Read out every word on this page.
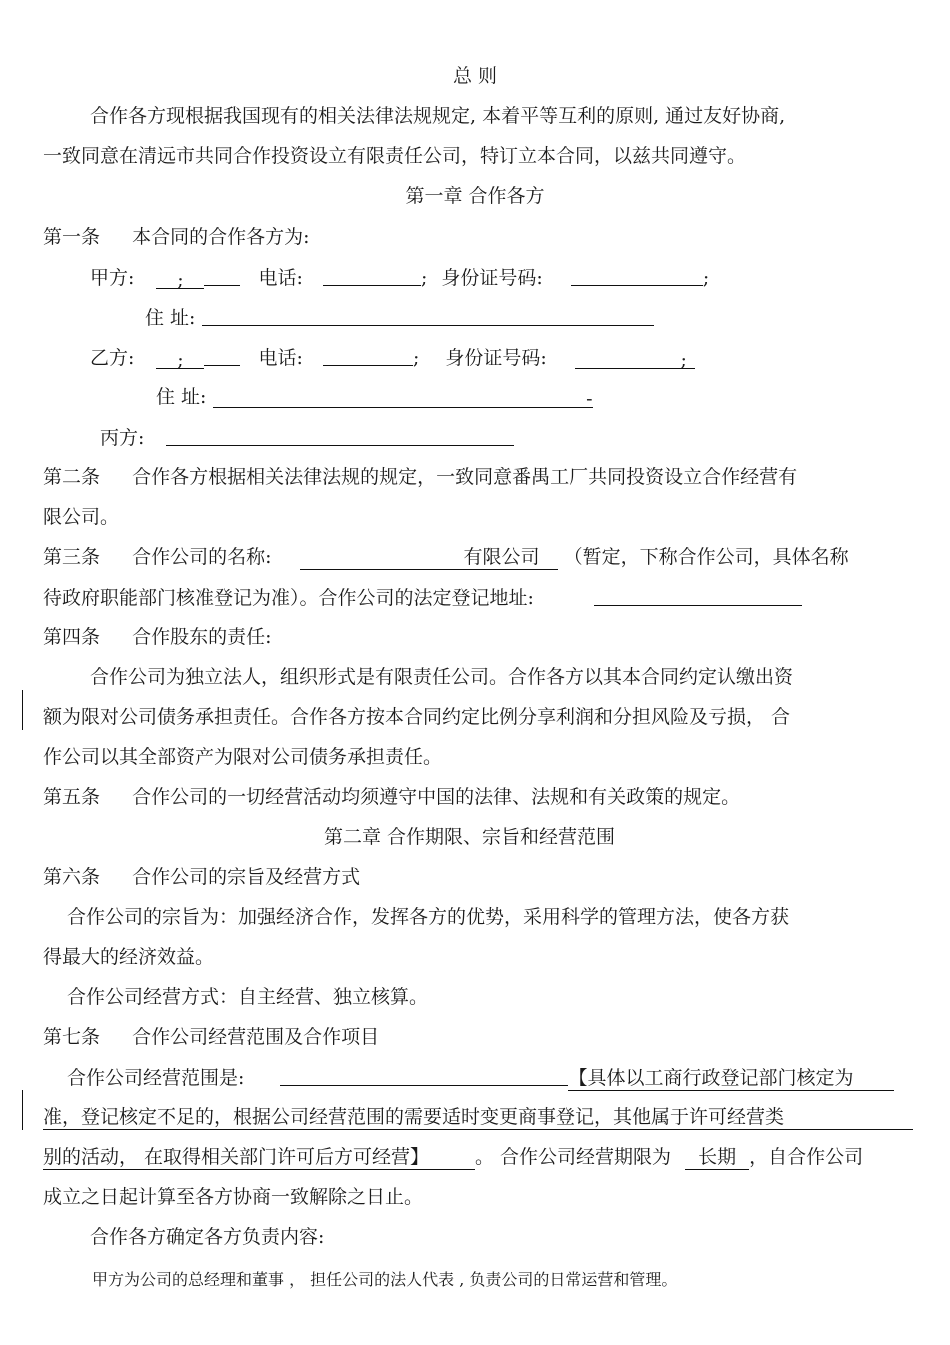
总 则
合作各方现根据我国现有的相关法律法规规定, 本着平等互利的原则, 通过友好协商,
一致同意在清远市共同合作投资设立有限责任公司，特订立本合同，以兹共同遵守。
第一章 合作各方
第一条 本合同的合作各方为:
甲方: ;	电话:	; 身份证号码:	;
住 址:
乙方: ;	电话:	; 身份证号码:	;
住 址:	-
丙方:
第二条 合作各方根据相关法律法规的规定，一致同意番禺工厂共同投资设立合作经营有
限公司。
第三条 合作公司的名称:	有限公司 （暂定，下称合作公司，具体名称
待政府职能部门核准登记为准）。合作公司的法定登记地址:
第四条 合作股东的责任:
合作公司为独立法人，组织形式是有限责任公司。合作各方以其本合同约定认缴出资
额为限对公司债务承担责任。合作各方按本合同约定比例分享利润和分担风险及亏损， 合
作公司以其全部资产为限对公司债务承担责任。
第五条 合作公司的一切经营活动均须遵守中国的法律、法规和有关政策的规定。
第二章 合作期限、宗旨和经营范围
第六条 合作公司的宗旨及经营方式
合作公司的宗旨为：加强经济合作，发挥各方的优势，采用科学的管理方法，使各方获
得最大的经济效益。
合作公司经营方式：自主经营、独立核算。
第七条 合作公司经营范围及合作项目
合作公司经营范围是:	【具体以工商行政登记部门核定为
准，登记核定不足的，根据公司经营范围的需要适时变更商事登记，其他属于许可经营类
别的活动， 在取得相关部门许可后方可经营】 。 合作公司经营期限为 长期 ，自合作公司
成立之日起计算至各方协商一致解除之日止。
合作各方确定各方负责内容:
甲方为公司的总经理和董事 ， 担任公司的法人代表 , 负责公司的日常运营和管理。
